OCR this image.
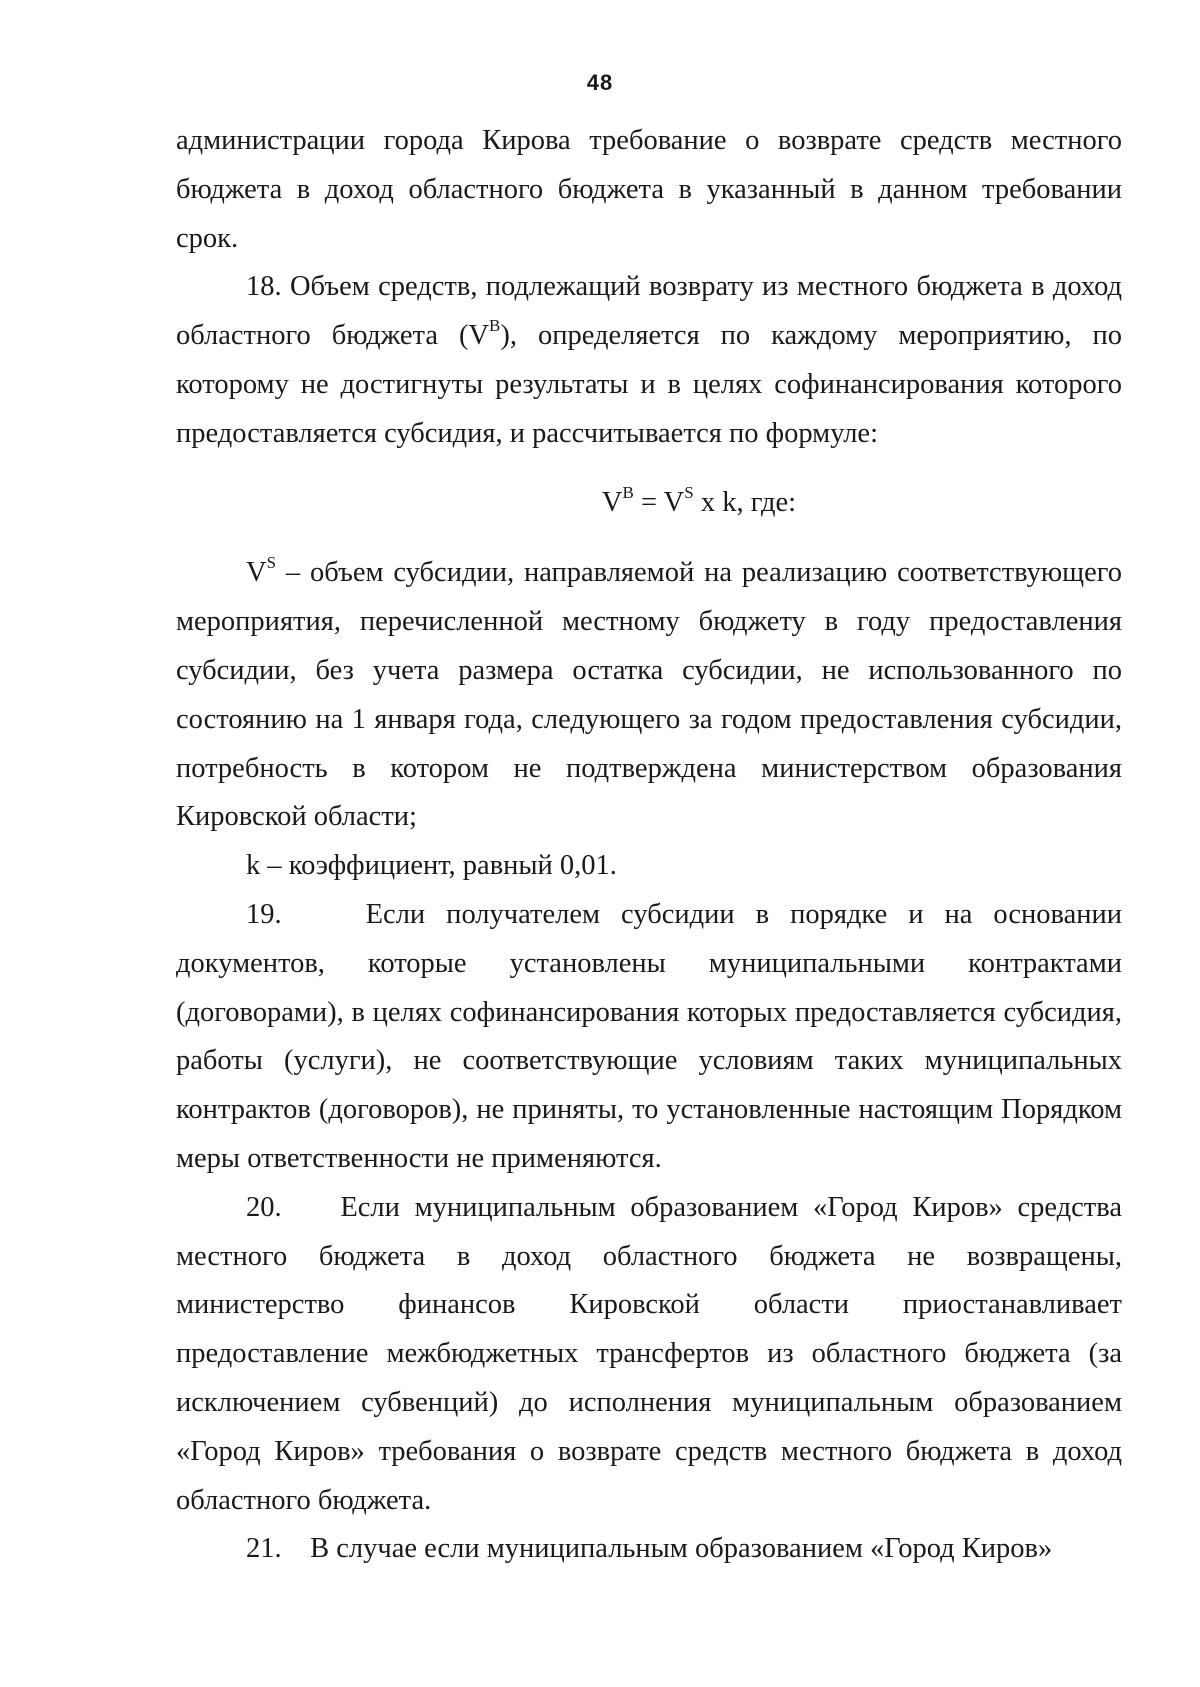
48

администрации города Кирова требование о возврате средств местного бюджета в доход областного бюджета в указанный в данном требовании срок.

18. Объем средств, подлежащий возврату из местного бюджета в доход областного бюджета $(V^B)$, определяется по каждому мероприятию, по которому не достигнуты результаты и в целях софинансирования которого предоставляется субсидия, и рассчитывается по формуле:

$V^B = V^S$ x k, где:

$V^S$ – объем субсидии, направляемой на реализацию соответствующего мероприятия, перечисленной местному бюджету в году предоставления субсидии, без учета размера остатка субсидии, не использованного по состоянию на 1 января года, следующего за годом предоставления субсидии, потребность в котором не подтверждена министерством образования Кировской области;

k – коэффициент, равный 0,01.

19.    Если получателем субсидии в порядке и на основании документов, которые установлены муниципальными контрактами (договорами), в целях софинансирования которых предоставляется субсидия, работы (услуги), не соответствующие условиям таких муниципальных контрактов (договоров), не приняты, то установленные настоящим Порядком меры ответственности не применяются.

20.    Если муниципальным образованием «Город Киров» средства местного бюджета в доход областного бюджета не возвращены, министерство финансов Кировской области приостанавливает предоставление межбюджетных трансфертов из областного бюджета (за исключением субвенций) до исполнения муниципальным образованием «Город Киров» требования о возврате средств местного бюджета в доход областного бюджета.

21.    В случае если муниципальным образованием «Город Киров»
